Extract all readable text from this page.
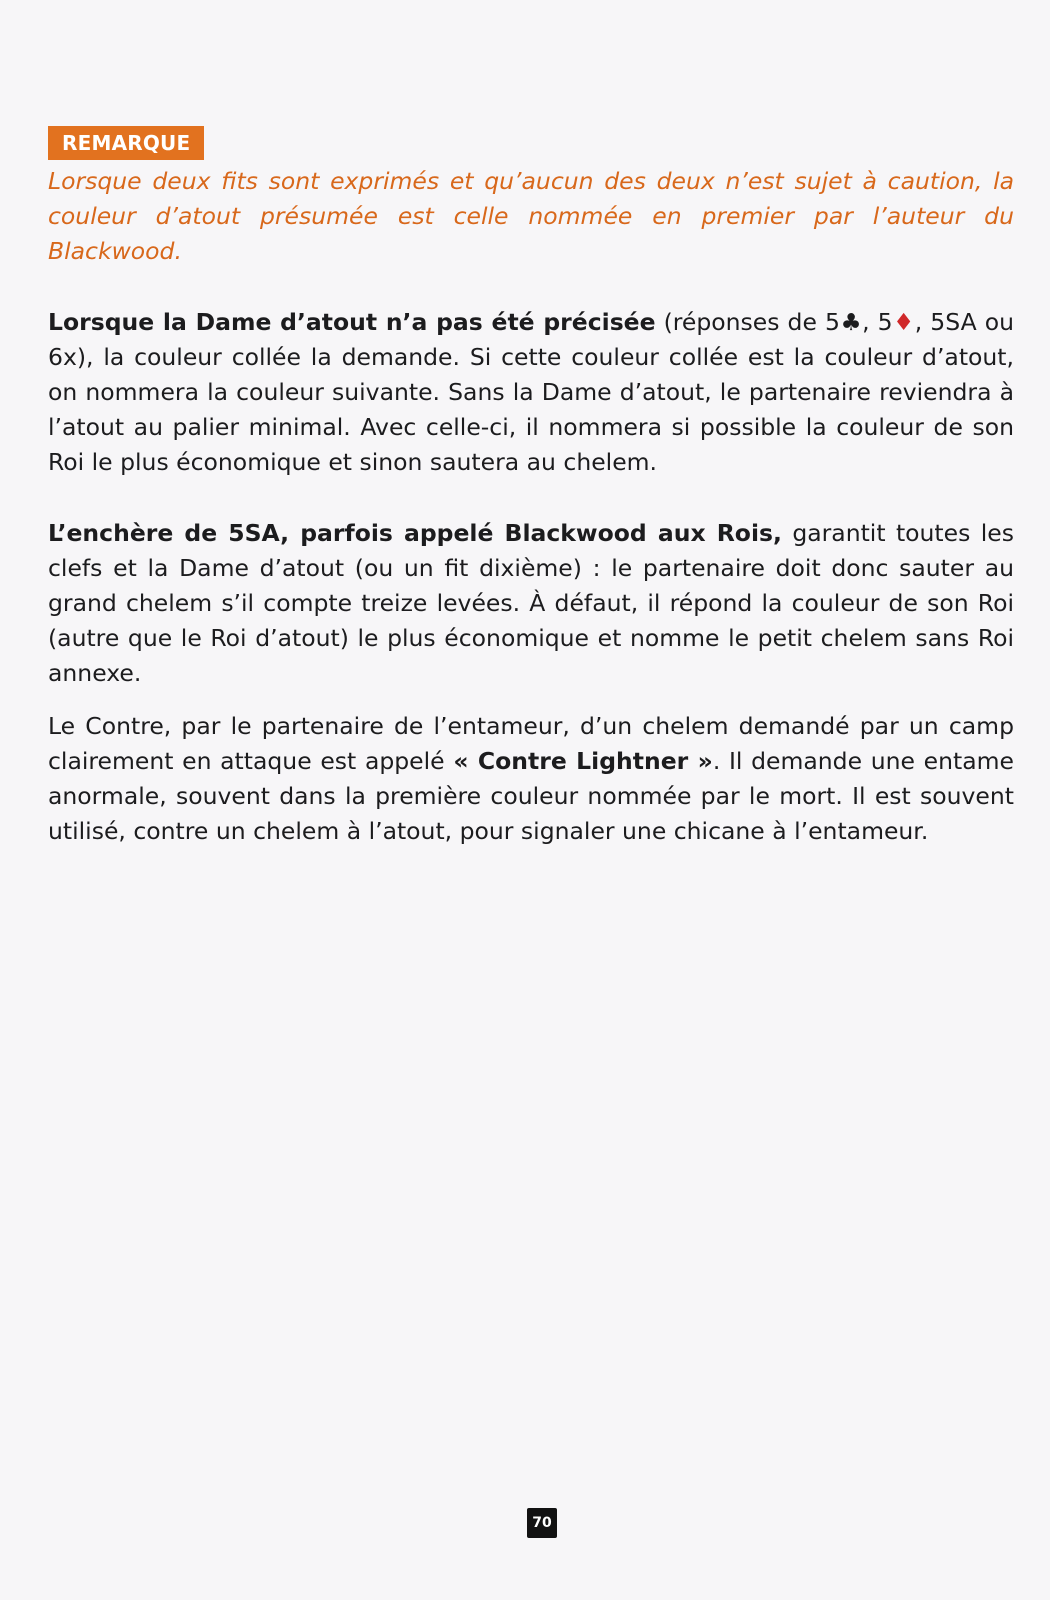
REMARQUE

Lorsque deux fits sont exprimés et qu’aucun des deux n’est sujet à caution, la couleur d’atout présumée est celle nommée en premier par l’auteur du Blackwood.

Lorsque la Dame d’atout n’a pas été précisée (réponses de 5♣, 5♦, 5SA ou 6x), la couleur collée la demande. Si cette couleur collée est la couleur d’atout, on nommera la couleur suivante. Sans la Dame d’atout, le partenaire reviendra à l’atout au palier minimal. Avec celle-ci, il nommera si possible la couleur de son Roi le plus économique et sinon sautera au chelem.

L’enchère de 5SA, parfois appelé Blackwood aux Rois, garantit toutes les clefs et la Dame d’atout (ou un fit dixième) : le partenaire doit donc sauter au grand chelem s’il compte treize levées. À défaut, il répond la couleur de son Roi (autre que le Roi d’atout) le plus économique et nomme le petit chelem sans Roi annexe.

Le Contre, par le partenaire de l’entameur, d’un chelem demandé par un camp clairement en attaque est appelé « Contre Lightner ». Il demande une entame anormale, souvent dans la première couleur nommée par le mort. Il est souvent utilisé, contre un chelem à l’atout, pour signaler une chicane à l’entameur.

70
